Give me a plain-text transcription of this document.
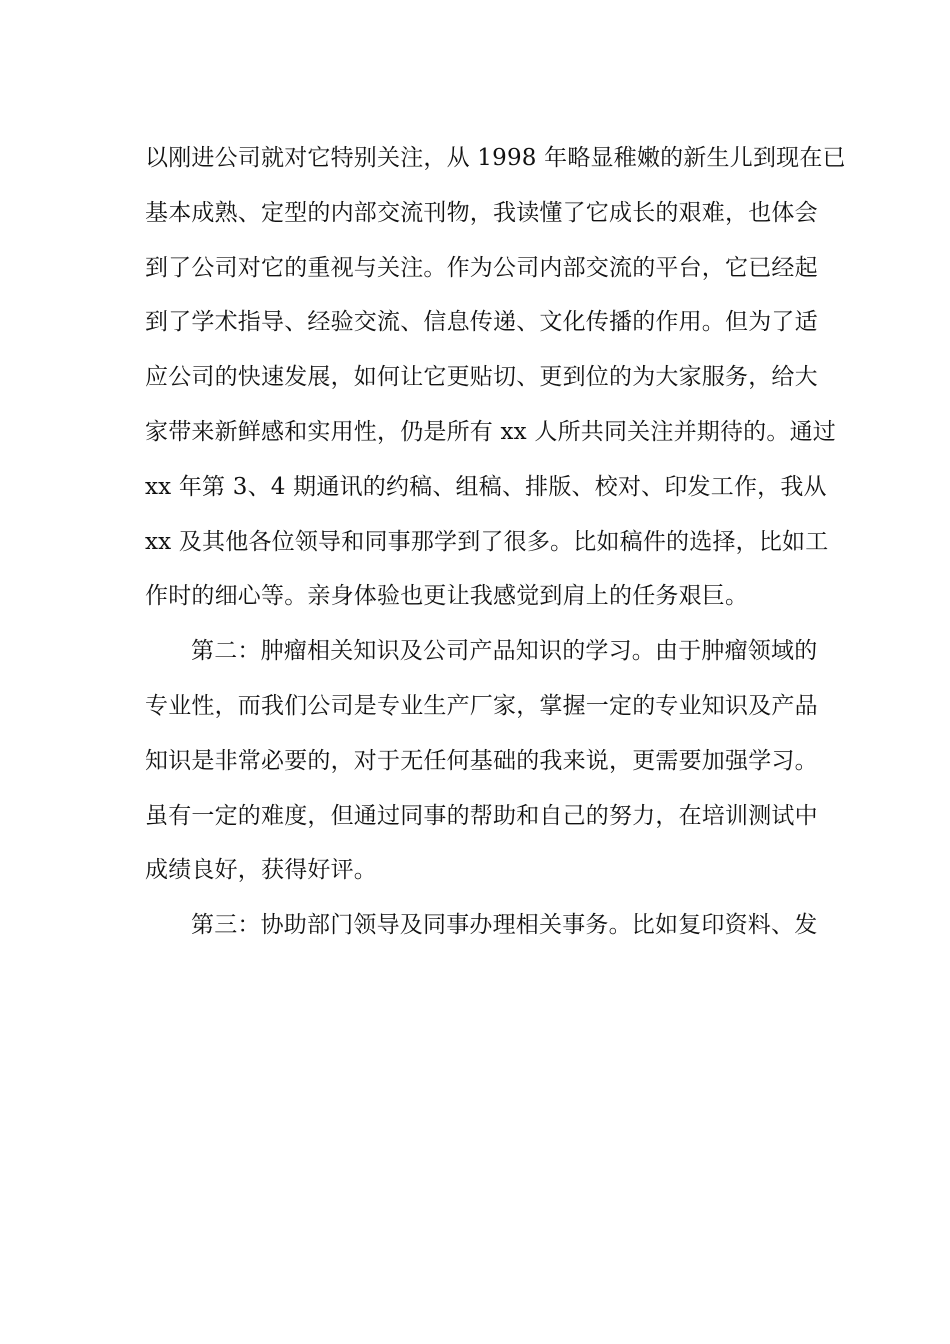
以刚进公司就对它特别关注，从 1998 年略显稚嫩的新生儿到现在已
基本成熟、定型的内部交流刊物，我读懂了它成长的艰难，也体会
到了公司对它的重视与关注。作为公司内部交流的平台，它已经起
到了学术指导、经验交流、信息传递、文化传播的作用。但为了适
应公司的快速发展，如何让它更贴切、更到位的为大家服务，给大
家带来新鲜感和实用性，仍是所有 xx 人所共同关注并期待的。通过
xx 年第 3、4 期通讯的约稿、组稿、排版、校对、印发工作，我从
xx 及其他各位领导和同事那学到了很多。比如稿件的选择，比如工
作时的细心等。亲身体验也更让我感觉到肩上的任务艰巨。
第二：肿瘤相关知识及公司产品知识的学习。由于肿瘤领域的
专业性，而我们公司是专业生产厂家，掌握一定的专业知识及产品
知识是非常必要的，对于无任何基础的我来说，更需要加强学习。
虽有一定的难度，但通过同事的帮助和自己的努力，在培训测试中
成绩良好，获得好评。
第三：协助部门领导及同事办理相关事务。比如复印资料、发
